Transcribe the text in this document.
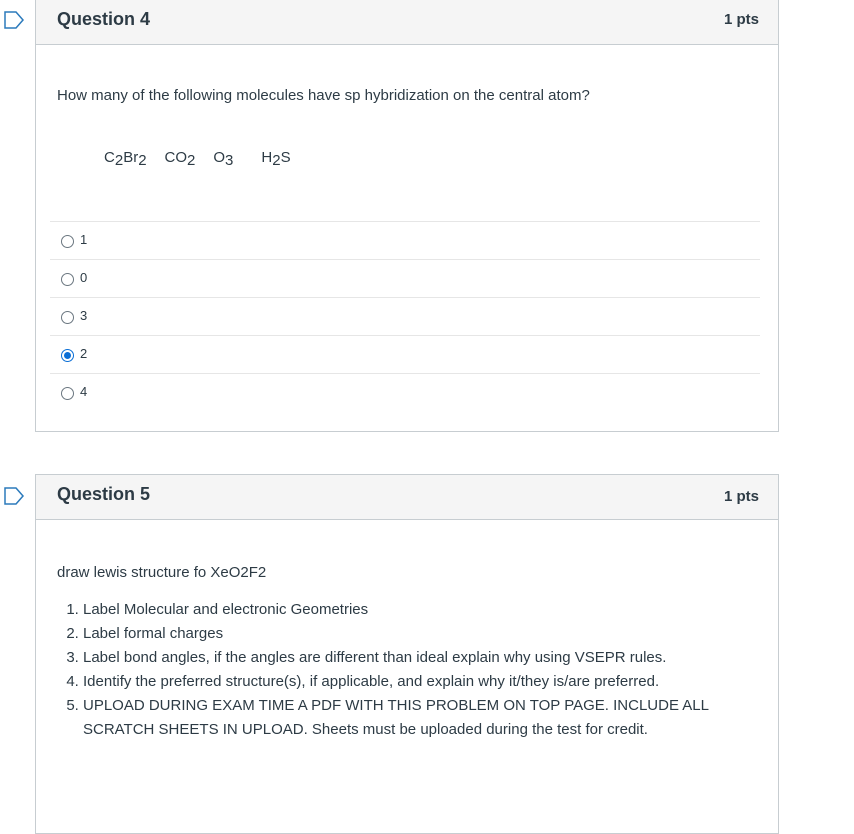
Question 4	1 pts
How many of the following molecules have sp hybridization on the central atom?
$C_2Br_2$ $CO_2$ $O_3$ $H_2S$
1
0
3
2
4
Question 5	1 pts
draw lewis structure fo XeO2F2
1. Label Molecular and electronic Geometries
2. Label formal charges
3. Label bond angles, if the angles are different than ideal explain why using VSEPR rules.
4. Identify the preferred structure(s), if applicable, and explain why it/they is/are preferred.
5. UPLOAD DURING EXAM TIME A PDF WITH THIS PROBLEM ON TOP PAGE. INCLUDE ALL SCRATCH SHEETS IN UPLOAD. Sheets must be uploaded during the test for credit.
